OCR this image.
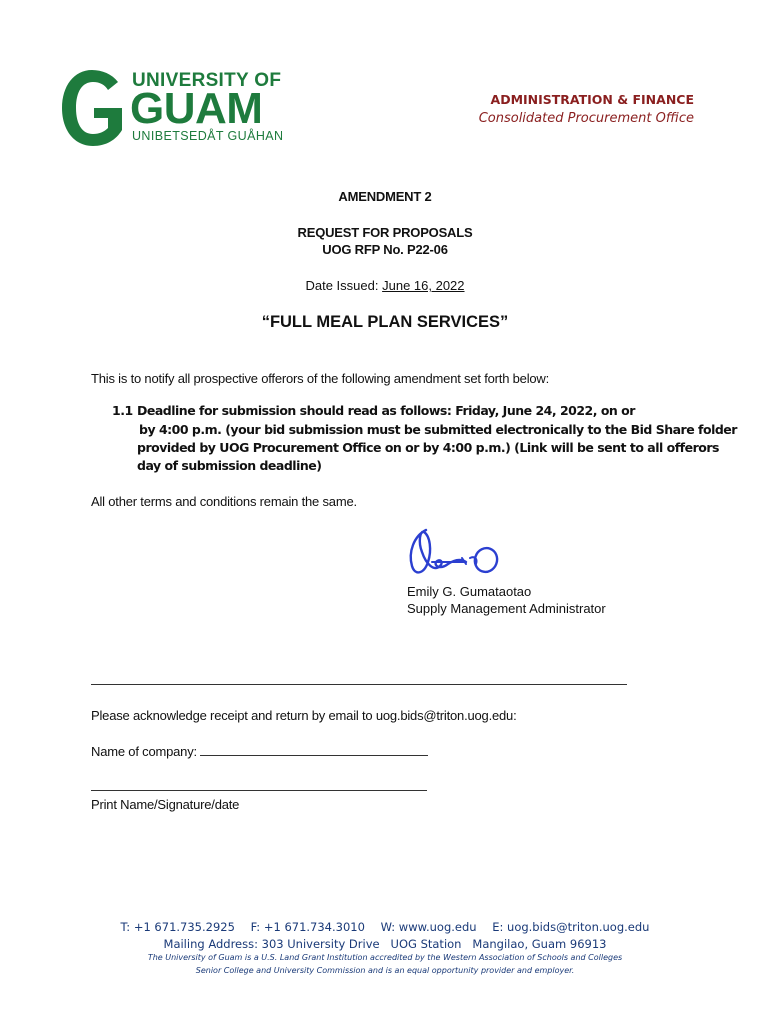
UNIVERSITY OF
GUAM
UNIBETSEDÅT GUÅHAN
ADMINISTRATION & FINANCE
Consolidated Procurement Office
AMENDMENT 2
REQUEST FOR PROPOSALS
UOG RFP No. P22-06
Date Issued: June 16, 2022
“FULL MEAL PLAN SERVICES”
This is to notify all prospective offerors of the following amendment set forth below:
1.1 Deadline for submission should read as follows: Friday, June 24, 2022, on or
by 4:00 p.m. (your bid submission must be submitted electronically to the Bid Share folder
provided by UOG Procurement Office on or by 4:00 p.m.) (Link will be sent to all offerors
day of submission deadline)
All other terms and conditions remain the same.
Emily G. Gumataotao
Supply Management Administrator
Please acknowledge receipt and return by email to uog.bids@triton.uog.edu:
Name of company:
Print Name/Signature/date
T: +1 671.735.2925 F: +1 671.734.3010 W: www.uog.edu E: uog.bids@triton.uog.edu
Mailing Address: 303 University Drive   UOG Station   Mangilao, Guam 96913
The University of Guam is a U.S. Land Grant Institution accredited by the Western Association of Schools and Colleges
Senior College and University Commission and is an equal opportunity provider and employer.
